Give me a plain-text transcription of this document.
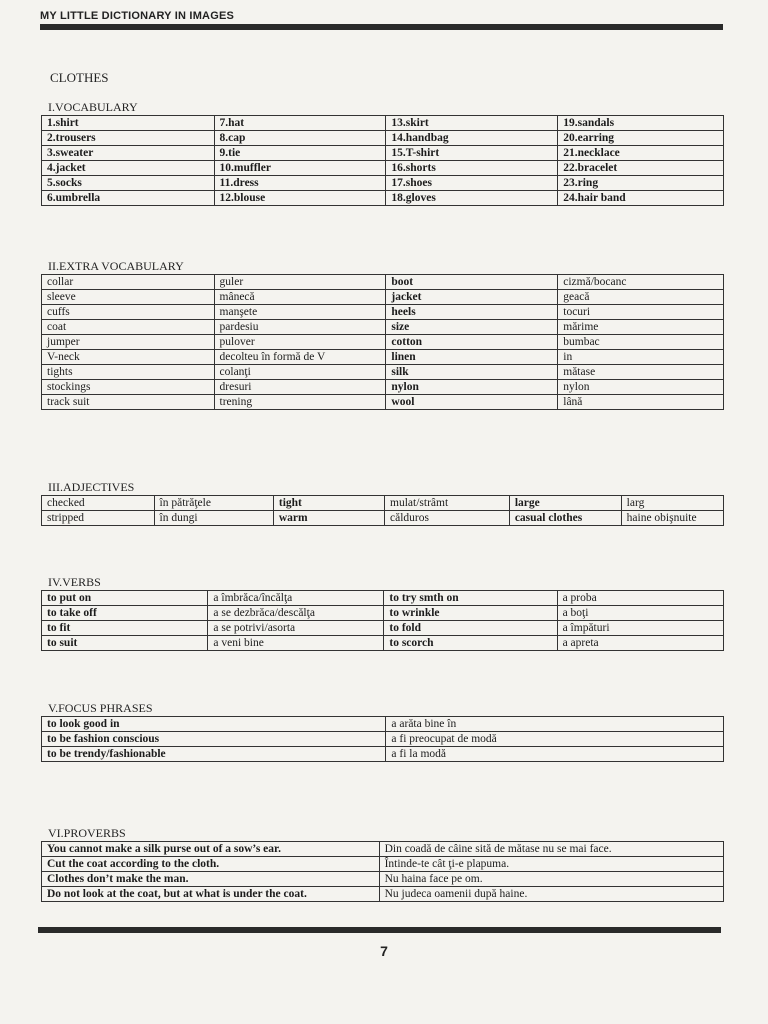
MY LITTLE DICTIONARY IN IMAGES
CLOTHES
I.VOCABULARY
1.shirt	7.hat	13.skirt	19.sandals
2.trousers	8.cap	14.handbag	20.earring
3.sweater	9.tie	15.T-shirt	21.necklace
4.jacket	10.muffler	16.shorts	22.bracelet
5.socks	11.dress	17.shoes	23.ring
6.umbrella	12.blouse	18.gloves	24.hair band
II.EXTRA VOCABULARY
collar	guler	boot	cizmă/bocanc
sleeve	mânecă	jacket	geacă
cuffs	manşete	heels	tocuri
coat	pardesiu	size	mărime
jumper	pulover	cotton	bumbac
V-neck	decolteu în formă de V	linen	in
tights	colanţi	silk	mătase
stockings	dresuri	nylon	nylon
track suit	trening	wool	lână
III.ADJECTIVES
checked	în pătrăţele	tight	mulat/strâmt	large	larg
stripped	în dungi	warm	călduros	casual clothes	haine obişnuite
IV.VERBS
to put on	a îmbrăca/încălţa	to try smth on	a proba
to take off	a se dezbrăca/descălţa	to wrinkle	a boţi
to fit	a se potrivi/asorta	to fold	a împături
to suit	a veni bine	to scorch	a apreta
V.FOCUS PHRASES
to look good in	a arăta bine în
to be fashion conscious	a fi preocupat de modă
to be trendy/fashionable	a fi la modă
VI.PROVERBS
You cannot make a silk purse out of a sow’s ear.	Din coadă de câine sită de mătase nu se mai face.
Cut the coat according to the cloth.	Întinde-te cât ţi-e plapuma.
Clothes don’t make the man.	Nu haina face pe om.
Do not look at the coat, but at what is under the coat.	Nu judeca oamenii după haine.
7
